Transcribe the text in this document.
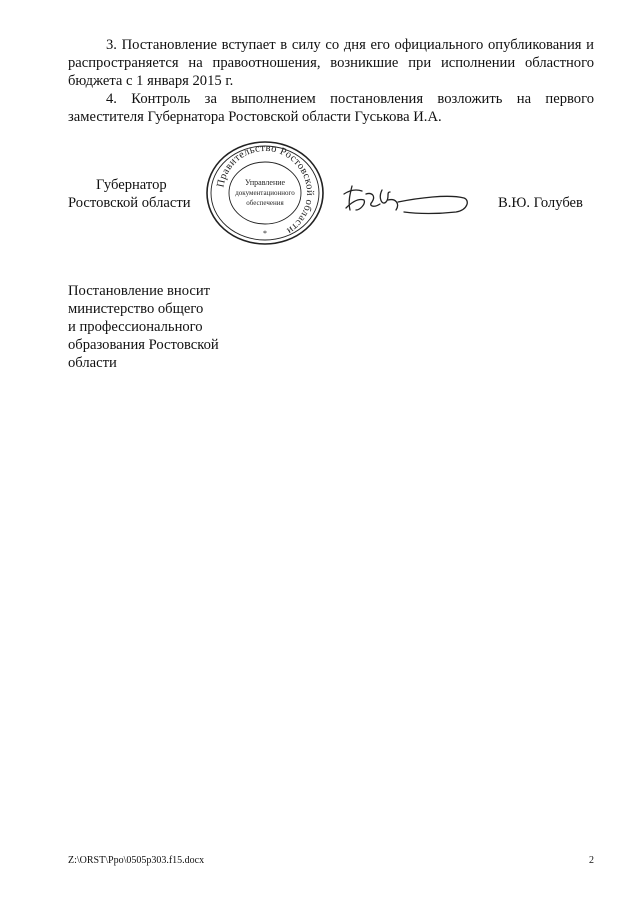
3. Постановление вступает в силу со дня его официального опубликования и распространяется на правоотношения, возникшие при исполнении областного бюджета с 1 января 2015 г.

4. Контроль за выполнением постановления возложить на первого заместителя Губернатора Ростовской области Гуськова И.А.

Губернатор
Ростовской области
Правительство Ростовской области
Управление
документационного
обеспечения
*
В.Ю. Голубев
Постановление вносит
министерство общего
и профессионального
образования Ростовской
области
Z:\ORST\Ppo\0505p303.f15.docx	2
